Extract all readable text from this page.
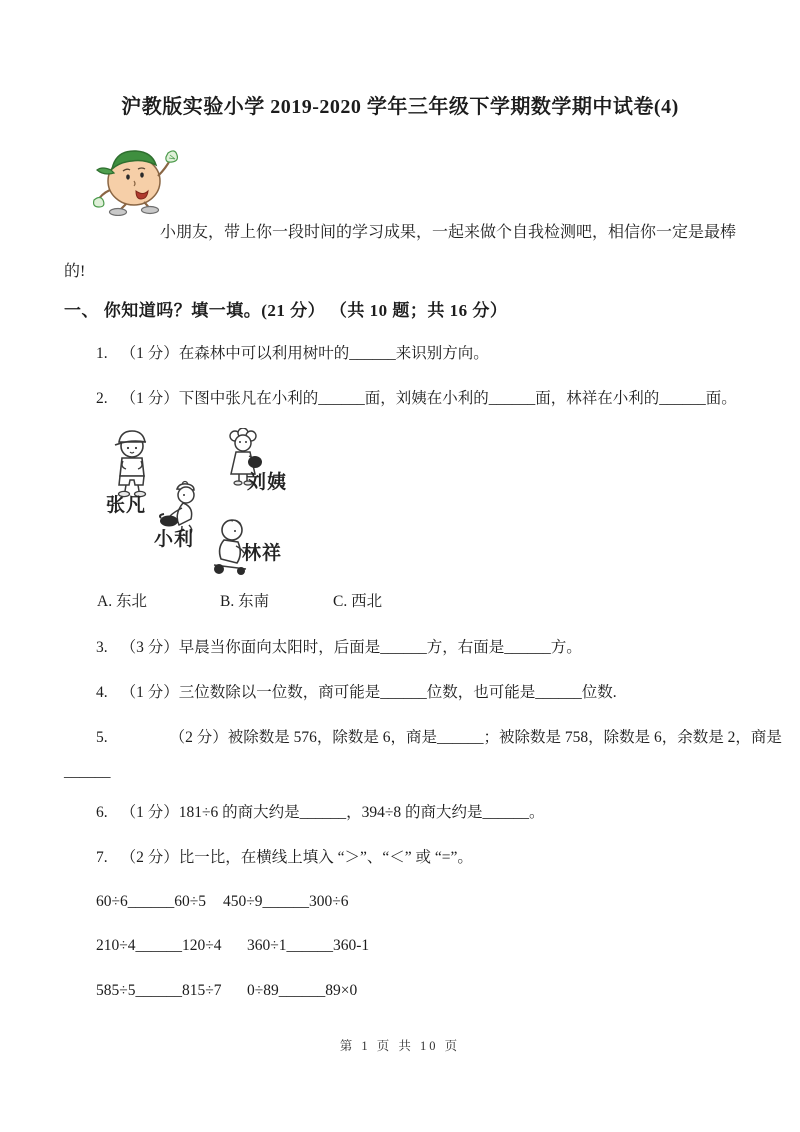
沪教版实验小学 2019-2020 学年三年级下学期数学期中试卷(4)

小朋友，带上你一段时间的学习成果，一起来做个自我检测吧，相信你一定是最棒

的!

一、 你知道吗？填一填。(21 分） （共 10 题；共 16 分）
1. （1 分）在森林中可以利用树叶的______来识别方向。
2. （1 分）下图中张凡在小利的______面，刘姨在小利的______面，林祥在小利的______面。
张凡
刘姨
小利
林祥
A. 东北	B. 东南	C. 西北
3. （3 分）早晨当你面向太阳时，后面是______方，右面是______方。
4. （1 分）三位数除以一位数，商可能是______位数，也可能是______位数.
5.	（2 分）被除数是 576，除数是 6，商是______；被除数是 758，除数是 6，余数是 2，商是
______
6. （1 分）181÷6 的商大约是______，394÷8 的商大约是______。
7. （2 分）比一比，在横线上填入 “＞”、“＜” 或 “=”。
60÷6______60÷5 450÷9______300÷6
210÷4______120÷4 360÷1______360-1
585÷5______815÷7 0÷89______89×0
第 1 页 共 10 页
